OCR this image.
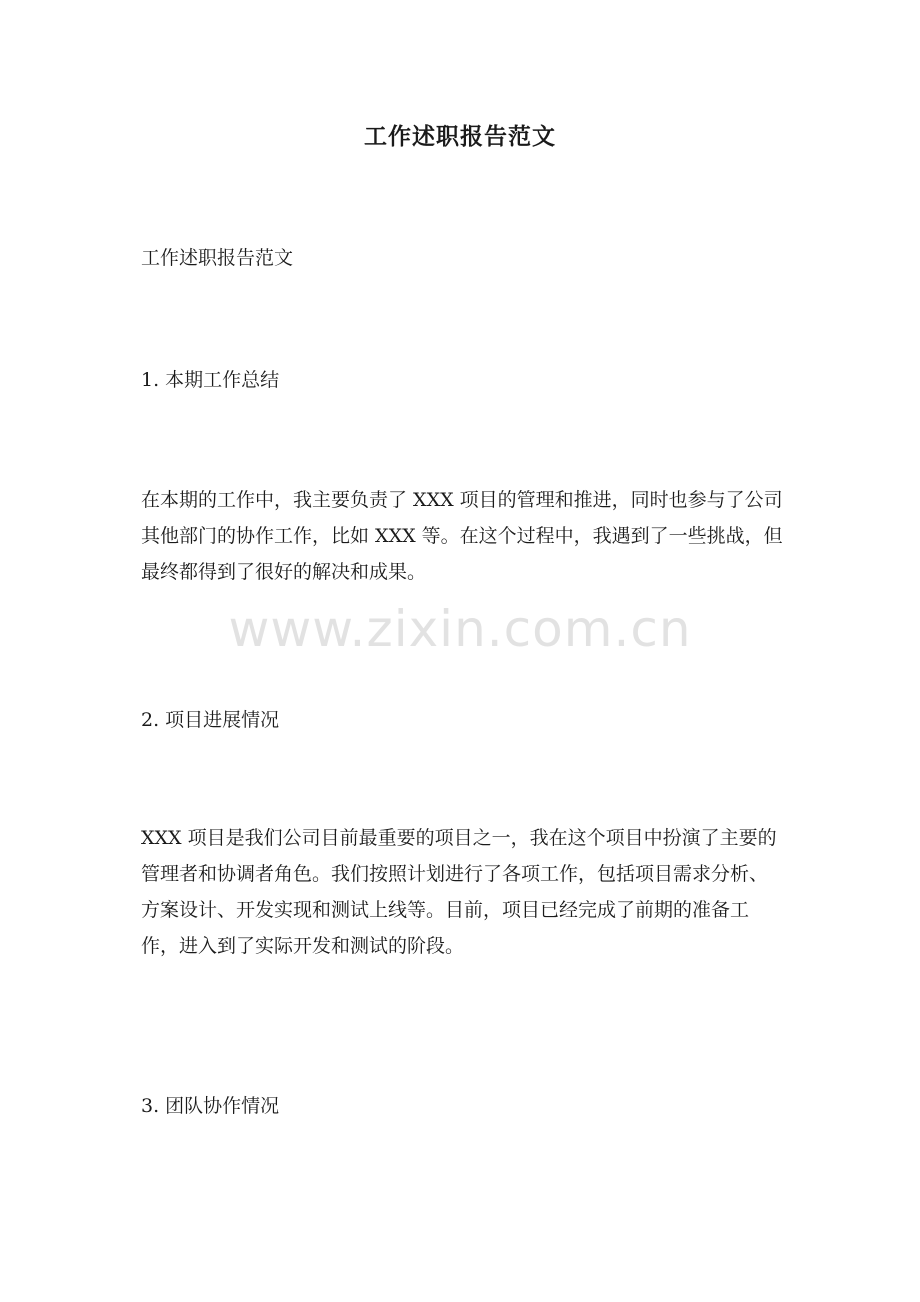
工作述职报告范文
工作述职报告范文
1. 本期工作总结
在本期的工作中，我主要负责了 XXX 项目的管理和推进，同时也参与了公司其他部门的协作工作，比如 XXX 等。在这个过程中，我遇到了一些挑战，但最终都得到了很好的解决和成果。
2. 项目进展情况
XXX 项目是我们公司目前最重要的项目之一，我在这个项目中扮演了主要的管理者和协调者角色。我们按照计划进行了各项工作，包括项目需求分析、方案设计、开发实现和测试上线等。目前，项目已经完成了前期的准备工作，进入到了实际开发和测试的阶段。
3. 团队协作情况
www.zixin.com.cn
